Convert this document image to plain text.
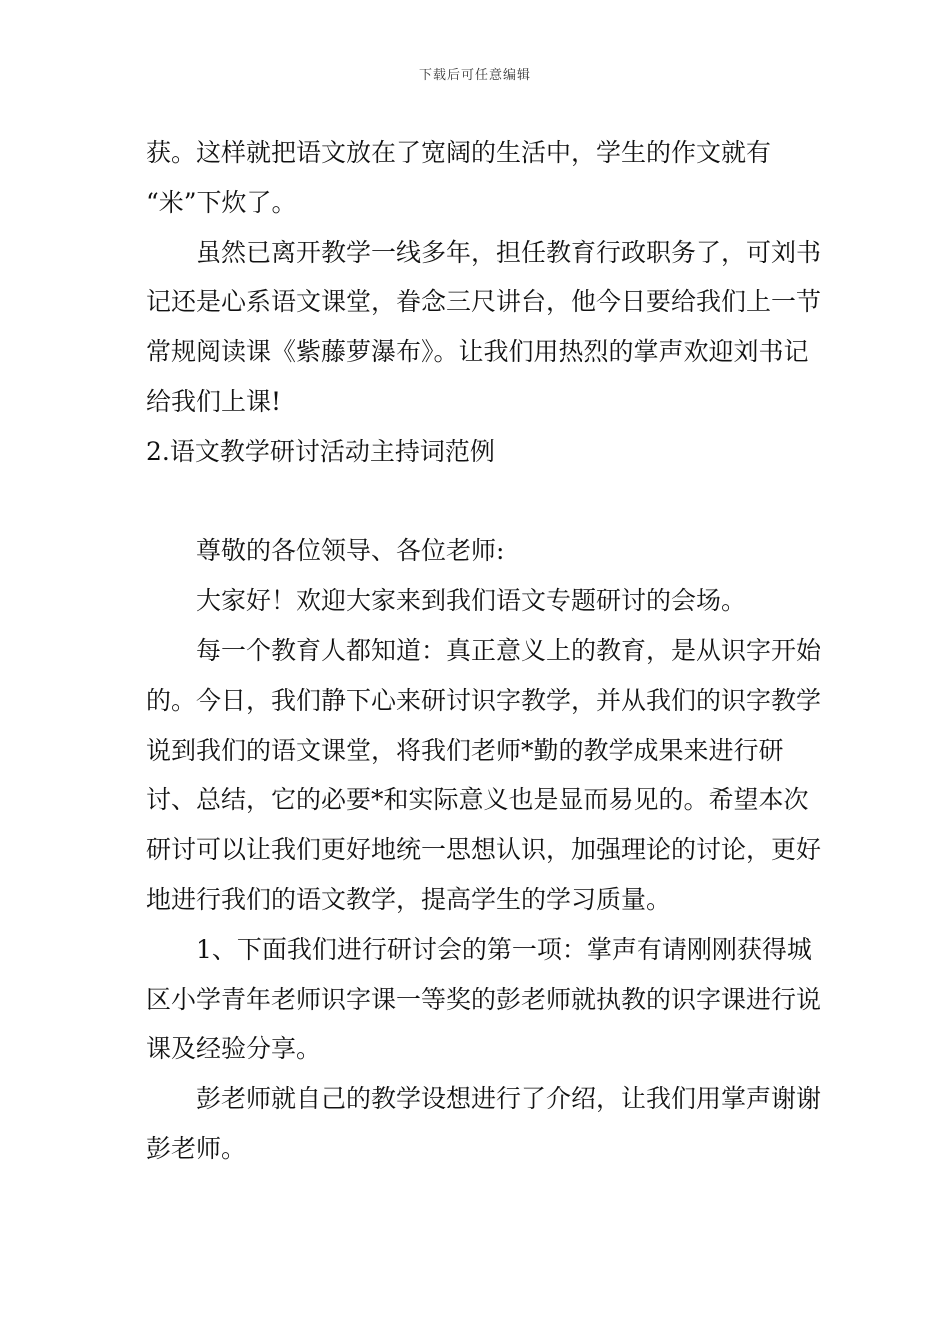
下载后可任意编辑

获。这样就把语文放在了宽阔的生活中，学生的作文就有

“米”下炊了。

虽然已离开教学一线多年，担任教育行政职务了，可刘书记还是心系语文课堂，眷念三尺讲台，他今日要给我们上一节常规阅读课《紫藤萝瀑布》。让我们用热烈的掌声欢迎刘书记给我们上课!

2.语文教学研讨活动主持词范例

尊敬的各位领导、各位老师:

大家好！欢迎大家来到我们语文专题研讨的会场。

每一个教育人都知道：真正意义上的教育，是从识字开始的。今日，我们静下心来研讨识字教学，并从我们的识字教学说到我们的语文课堂，将我们老师*勤的教学成果来进行研讨、总结，它的必要*和实际意义也是显而易见的。希望本次研讨可以让我们更好地统一思想认识，加强理论的讨论，更好地进行我们的语文教学，提高学生的学习质量。

1、下面我们进行研讨会的第一项：掌声有请刚刚获得城区小学青年老师识字课一等奖的彭老师就执教的识字课进行说课及经验分享。

彭老师就自己的教学设想进行了介绍，让我们用掌声谢谢彭老师。
